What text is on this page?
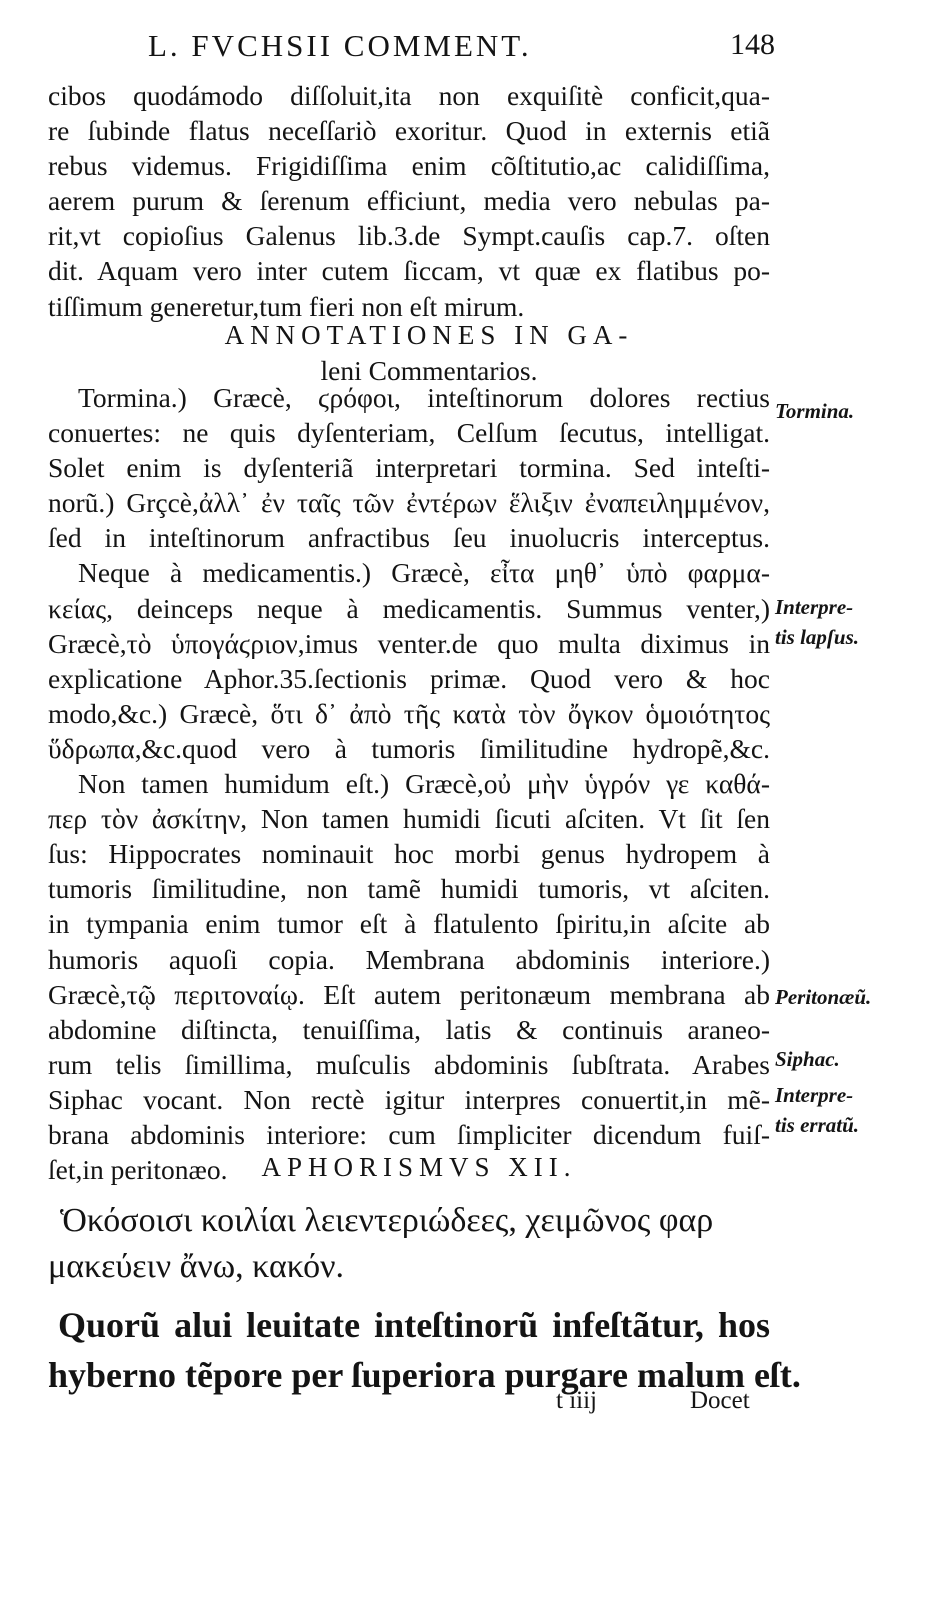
L. FVCHSII COMMENT.	148
cibos quodámodo diſſoluit,ita non exquiſitè conficit,qua-
re ſubinde flatus neceſſariò exoritur. Quod in externis etiã
rebus videmus. Frigidiſſima enim cõſtitutio,ac calidiſſima,
aerem purum & ſerenum efficiunt, media vero nebulas pa-
rit,vt copioſius Galenus lib.3.de Sympt.cauſis cap.7. oſten
dit. Aquam vero inter cutem ſiccam, vt quæ ex flatibus po-
tiſſimum generetur,tum fieri non eſt mirum.
ANNOTATIONES IN GA-
leni Commentarios.
Tormina.) Græcè, ϛρόφοι, inteſtinorum dolores rectius
conuertes: ne quis dyſenteriam, Celſum ſecutus, intelligat.
Solet enim is dyſenteriã interpretari tormina. Sed inteſti-
norũ.) Grçcè,ἀλλ᾿ ἐν ταῖς τῶν ἐντέρων ἕλιξιν ἐναπειλημμένον,
ſed in inteſtinorum anfractibus ſeu inuolucris interceptus.
Neque à medicamentis.) Græcè, εἶτα μηθ᾿ ὑπὸ φαρμα-
κείας, deinceps neque à medicamentis. Summus venter,)
Græcè,τὸ ὑπογάϛριον,imus venter.de quo multa diximus in
explicatione Aphor.35.ſectionis primæ. Quod vero & hoc
modo,&c.) Græcè, ὅτι δ᾿ ἀπὸ τῆς κατὰ τὸν ὄγκον ὁμοιότητος
ὕδρωπα,&c.quod vero à tumoris ſimilitudine hydropẽ,&c.
Non tamen humidum eſt.) Græcè,οὐ μὴν ὑγρόν γε καθά-
περ τὸν ἀσκίτην, Non tamen humidi ſicuti aſciten. Vt ſit ſen
ſus: Hippocrates nominauit hoc morbi genus hydropem à
tumoris ſimilitudine, non tamẽ humidi tumoris, vt aſciten.
in tympania enim tumor eſt à flatulento ſpiritu,in aſcite ab
humoris aquoſi copia. Membrana abdominis interiore.)
Græcè,τῷ περιτοναίῳ. Eſt autem peritonæum membrana ab
abdomine diſtincta, tenuiſſima, latis & continuis araneo-
rum telis ſimillima, muſculis abdominis ſubſtrata. Arabes
Siphac vocant. Non rectè igitur interpres conuertit,in mẽ-
brana abdominis interiore: cum ſimpliciter dicendum fuiſ-
ſet,in peritonæo.	APHORISMVS XII.
Ὁκόσοισι κοιλίαι λειεντεριώδεες, χειμῶνος φαρ
μακεύειν ἄνω, κακόν.
Quorũ alui leuitate inteſtinorũ infeſtãtur, hos
hyberno tẽpore per ſuperiora purgare malum eſt.
Tormina.
Interpre-
tis lapſus.
Peritonæũ.
Siphac.
Interpre-
tis erratũ.
t iiij	Docet
